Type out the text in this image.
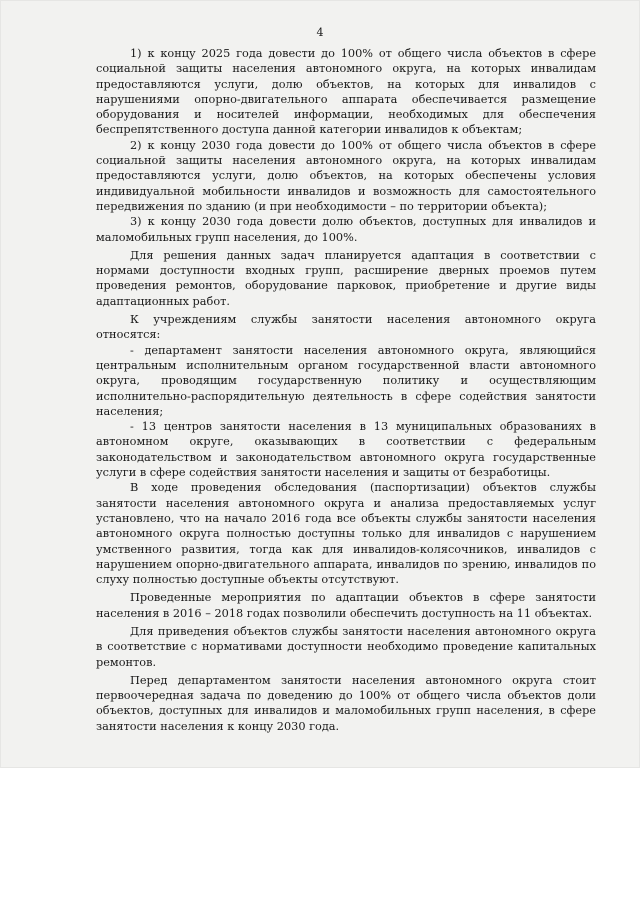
4

1) к концу 2025 года довести до 100% от общего числа объектов в сфере социальной защиты населения автономного округа, на которых инвалидам предоставляются услуги, долю объектов, на которых для инвалидов с нарушениями опорно-двигательного аппарата обеспечивается размещение оборудования и носителей информации, необходимых для обеспечения беспрепятственного доступа данной категории инвалидов к объектам;

2) к концу 2030 года довести до 100% от общего числа объектов в сфере социальной защиты населения автономного округа, на которых инвалидам предоставляются услуги, долю объектов, на которых обеспечены условия индивидуальной мобильности инвалидов и возможность для самостоятельного передвижения по зданию (и при необходимости – по территории объекта);

3) к концу 2030 года довести долю объектов, доступных для инвалидов и маломобильных групп населения, до 100%.

Для решения данных задач планируется адаптация в соответствии с нормами доступности входных групп, расширение дверных проемов путем проведения ремонтов, оборудование парковок, приобретение и другие виды адаптационных работ.

К учреждениям службы занятости населения автономного округа относятся:

- департамент занятости населения автономного округа, являющийся центральным исполнительным органом государственной власти автономного округа, проводящим государственную политику и осуществляющим исполнительно-распорядительную деятельность в сфере содействия занятости населения;

- 13 центров занятости населения в 13 муниципальных образованиях в автономном округе, оказывающих в соответствии с федеральным законодательством и законодательством автономного округа государственные услуги в сфере содействия занятости населения и защиты от безработицы.

В ходе проведения обследования (паспортизации) объектов службы занятости населения автономного округа и анализа предоставляемых услуг установлено, что на начало 2016 года все объекты службы занятости населения автономного округа полностью доступны только для инвалидов с нарушением умственного развития, тогда как для инвалидов-колясочников, инвалидов с нарушением опорно-двигательного аппарата, инвалидов по зрению, инвалидов по слуху полностью доступные объекты отсутствуют.

Проведенные мероприятия по адаптации объектов в сфере занятости населения в 2016 – 2018 годах позволили обеспечить доступность на 11 объектах.

Для приведения объектов службы занятости населения автономного округа в соответствие с нормативами доступности необходимо проведение капитальных ремонтов.

Перед департаментом занятости населения автономного округа стоит первоочередная задача по доведению до 100% от общего числа объектов доли объектов, доступных для инвалидов и маломобильных групп населения, в сфере занятости населения к концу 2030 года.
